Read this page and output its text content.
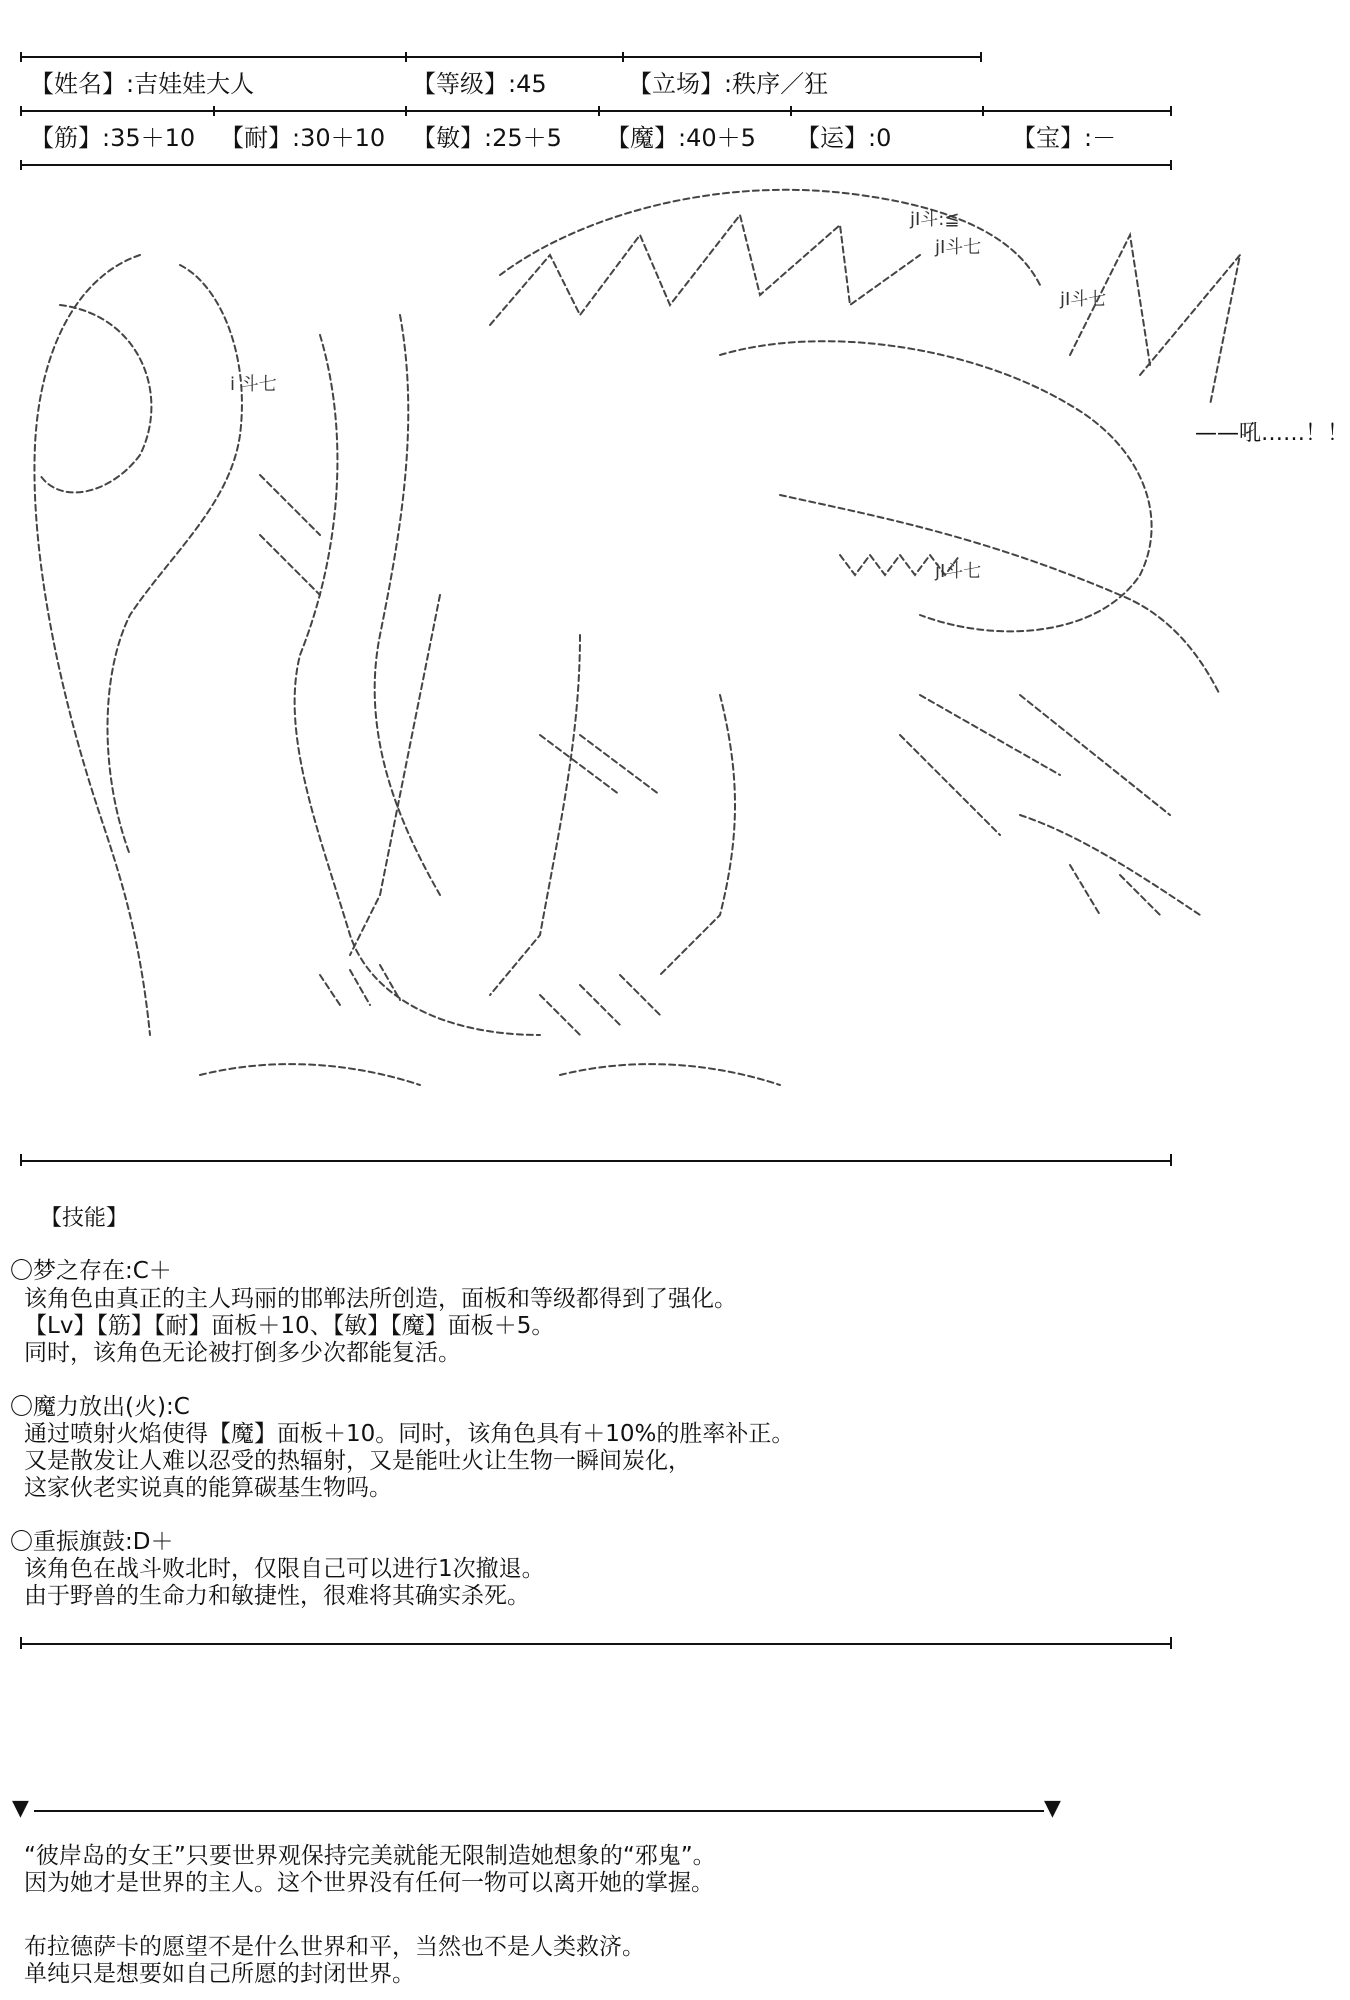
【姓名】:吉娃娃大人	【等级】:45	【立场】:秩序／狂
【筋】:35＋10 【耐】:30＋10 【敏】:25＋5 【魔】:40＋5 【运】:0	【宝】:－
i 斗七
jI斗:≦
jI斗七
jI斗七
jI斗七
——吼……！！
【技能】
〇梦之存在:C＋
该角色由真正的主人玛丽的邯郸法所创造，面板和等级都得到了强化。
【Lv】【筋】【耐】面板＋10、【敏】【魔】面板＋5。
同时，该角色无论被打倒多少次都能复活。
〇魔力放出(火):C
通过喷射火焰使得【魔】面板＋10。同时，该角色具有＋10%的胜率补正。
又是散发让人难以忍受的热辐射，又是能吐火让生物一瞬间炭化，
这家伙老实说真的能算碳基生物吗。
〇重振旗鼓:D＋
该角色在战斗败北时，仅限自己可以进行1次撤退。
由于野兽的生命力和敏捷性，很难将其确实杀死。
▼	▼
“彼岸岛的女王”只要世界观保持完美就能无限制造她想象的“邪鬼”。
因为她才是世界的主人。这个世界没有任何一物可以离开她的掌握。
布拉德萨卡的愿望不是什么世界和平，当然也不是人类救济。
单纯只是想要如自己所愿的封闭世界。
